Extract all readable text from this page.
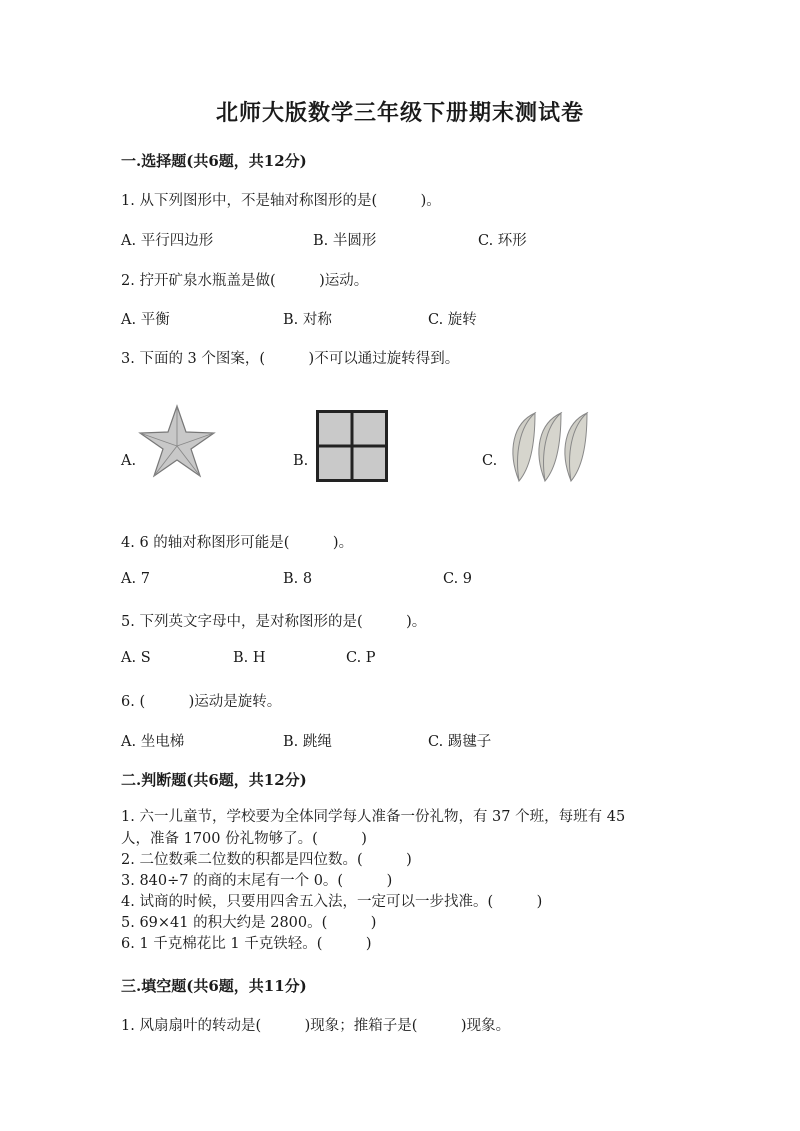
北师大版数学三年级下册期末测试卷
一.选择题(共6题，共12分)
1. 从下列图形中，不是轴对称图形的是(　　　)。
A. 平行四边形	B. 半圆形	C. 环形
2. 拧开矿泉水瓶盖是做(　　　)运动。
A. 平衡	B. 对称	C. 旋转
3. 下面的 3 个图案，(　　　)不可以通过旋转得到。
A.	B.	C.
4. 6 的轴对称图形可能是(　　　)。
A. 7	B. 8	C. 9
5. 下列英文字母中，是对称图形的是(　　　)。
A. S	B. H	C. P
6. (　　　)运动是旋转。
A. 坐电梯	B. 跳绳	C. 踢毽子
二.判断题(共6题，共12分)
1. 六一儿童节，学校要为全体同学每人准备一份礼物，有 37 个班，每班有 45
人，准备 1700 份礼物够了。(　　　)
2. 二位数乘二位数的积都是四位数。(　　　)
3. 840÷7 的商的末尾有一个 0。(　　　)
4. 试商的时候，只要用四舍五入法，一定可以一步找准。(　　　)
5. 69×41 的积大约是 2800。(　　　)
6. 1 千克棉花比 1 千克铁轻。(　　　)
三.填空题(共6题，共11分)
1. 风扇扇叶的转动是(　　　)现象；推箱子是(　　　)现象。
